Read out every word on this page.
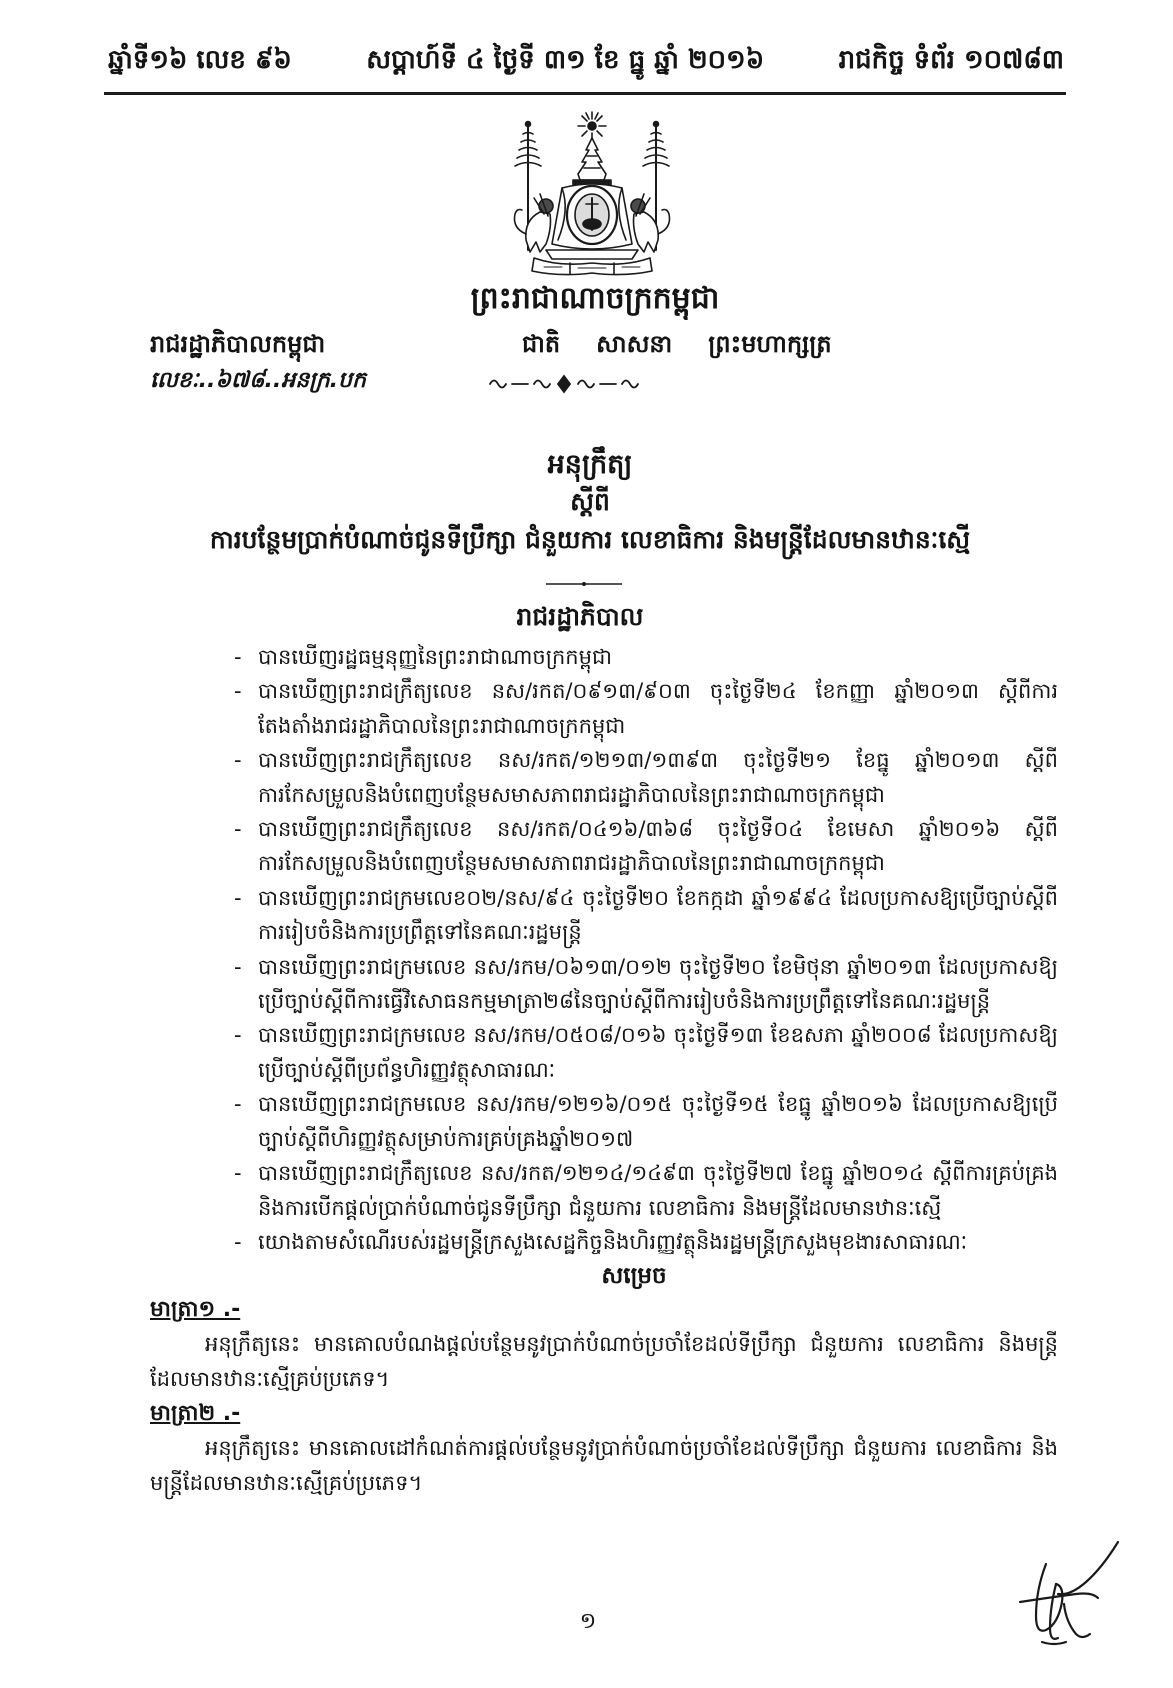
ឆ្នាំទី១៦ លេខ ៩៦	សប្តាហ៍ទី ៤ ថ្ងៃទី ៣១ ខែ ធ្នូ ឆ្នាំ ២០១៦	រាជកិច្ច ទំព័រ ១០៧៨៣
ព្រះរាជាណាចក្រកម្ពុជា
រាជរដ្ឋាភិបាលកម្ពុជា	ជាតិ សាសនា ព្រះមហាក្សត្រ
លេខៈ..៦៧៨..អនក្រ.បក
អនុក្រឹត្យ
ស្តីពី
ការបន្ថែមប្រាក់បំណាច់ជូនទីប្រឹក្សា ជំនួយការ លេខាធិការ និងមន្ត្រីដែលមានឋានៈស្មើ
រាជរដ្ឋាភិបាល
- បានឃើញរដ្ឋធម្មនុញ្ញនៃព្រះរាជាណាចក្រកម្ពុជា
- បានឃើញព្រះរាជក្រឹត្យលេខ នស/រកត/០៩១៣/៩០៣ ចុះថ្ងៃទី២៤ ខែកញ្ញា ឆ្នាំ២០១៣ ស្តីពីការតែងតាំងរាជរដ្ឋាភិបាលនៃព្រះរាជាណាចក្រកម្ពុជា
- បានឃើញព្រះរាជក្រឹត្យលេខ នស/រកត/១២១៣/១៣៩៣ ចុះថ្ងៃទី២១ ខែធ្នូ ឆ្នាំ២០១៣ ស្តីពីការកែសម្រួលនិងបំពេញបន្ថែមសមាសភាពរាជរដ្ឋាភិបាលនៃព្រះរាជាណាចក្រកម្ពុជា
- បានឃើញព្រះរាជក្រឹត្យលេខ នស/រកត/០៤១៦/៣៦៨ ចុះថ្ងៃទី០៤ ខែមេសា ឆ្នាំ២០១៦ ស្តីពីការកែសម្រួលនិងបំពេញបន្ថែមសមាសភាពរាជរដ្ឋាភិបាលនៃព្រះរាជាណាចក្រកម្ពុជា
- បានឃើញព្រះរាជក្រមលេខ០២/នស/៩៤ ចុះថ្ងៃទី២០ ខែកក្កដា ឆ្នាំ១៩៩៤ ដែលប្រកាសឱ្យប្រើច្បាប់ស្តីពីការរៀបចំនិងការប្រព្រឹត្តទៅនៃគណៈរដ្ឋមន្ត្រី
- បានឃើញព្រះរាជក្រមលេខ នស/រកម/០៦១៣/០១២ ចុះថ្ងៃទី២០ ខែមិថុនា ឆ្នាំ២០១៣ ដែលប្រកាសឱ្យប្រើច្បាប់ស្តីពីការធ្វើវិសោធនកម្មមាត្រា២៨នៃច្បាប់ស្តីពីការរៀបចំនិងការប្រព្រឹត្តទៅនៃគណៈរដ្ឋមន្ត្រី
- បានឃើញព្រះរាជក្រមលេខ នស/រកម/០៥០៨/០១៦ ចុះថ្ងៃទី១៣ ខែឧសភា ឆ្នាំ២០០៨ ដែលប្រកាសឱ្យប្រើច្បាប់ស្តីពីប្រព័ន្ធហិរញ្ញវត្ថុសាធារណៈ
- បានឃើញព្រះរាជក្រមលេខ នស/រកម/១២១៦/០១៥ ចុះថ្ងៃទី១៥ ខែធ្នូ ឆ្នាំ២០១៦ ដែលប្រកាសឱ្យប្រើច្បាប់ស្តីពីហិរញ្ញវត្ថុសម្រាប់ការគ្រប់គ្រងឆ្នាំ២០១៧
- បានឃើញព្រះរាជក្រឹត្យលេខ នស/រកត/១២១៤/១៤៩៣ ចុះថ្ងៃទី២៧ ខែធ្នូ ឆ្នាំ២០១៤ ស្តីពីការគ្រប់គ្រងនិងការបើកផ្តល់ប្រាក់បំណាច់ជូនទីប្រឹក្សា ជំនួយការ លេខាធិការ និងមន្ត្រីដែលមានឋានៈស្មើ
- យោងតាមសំណើរបស់រដ្ឋមន្ត្រីក្រសួងសេដ្ឋកិច្ចនិងហិរញ្ញវត្ថុនិងរដ្ឋមន្ត្រីក្រសួងមុខងារសាធារណៈ
សម្រេច
មាត្រា១ .-

អនុក្រឹត្យនេះ មានគោលបំណងផ្តល់បន្ថែមនូវប្រាក់បំណាច់ប្រចាំខែដល់ទីប្រឹក្សា ជំនួយការ លេខាធិការ និងមន្ត្រីដែលមានឋានៈស្មើគ្រប់ប្រភេទ។

មាត្រា២ .-

អនុក្រឹត្យនេះ មានគោលដៅកំណត់ការផ្តល់បន្ថែមនូវប្រាក់បំណាច់ប្រចាំខែដល់ទីប្រឹក្សា ជំនួយការ លេខាធិការ និងមន្ត្រីដែលមានឋានៈស្មើគ្រប់ប្រភេទ។

១
